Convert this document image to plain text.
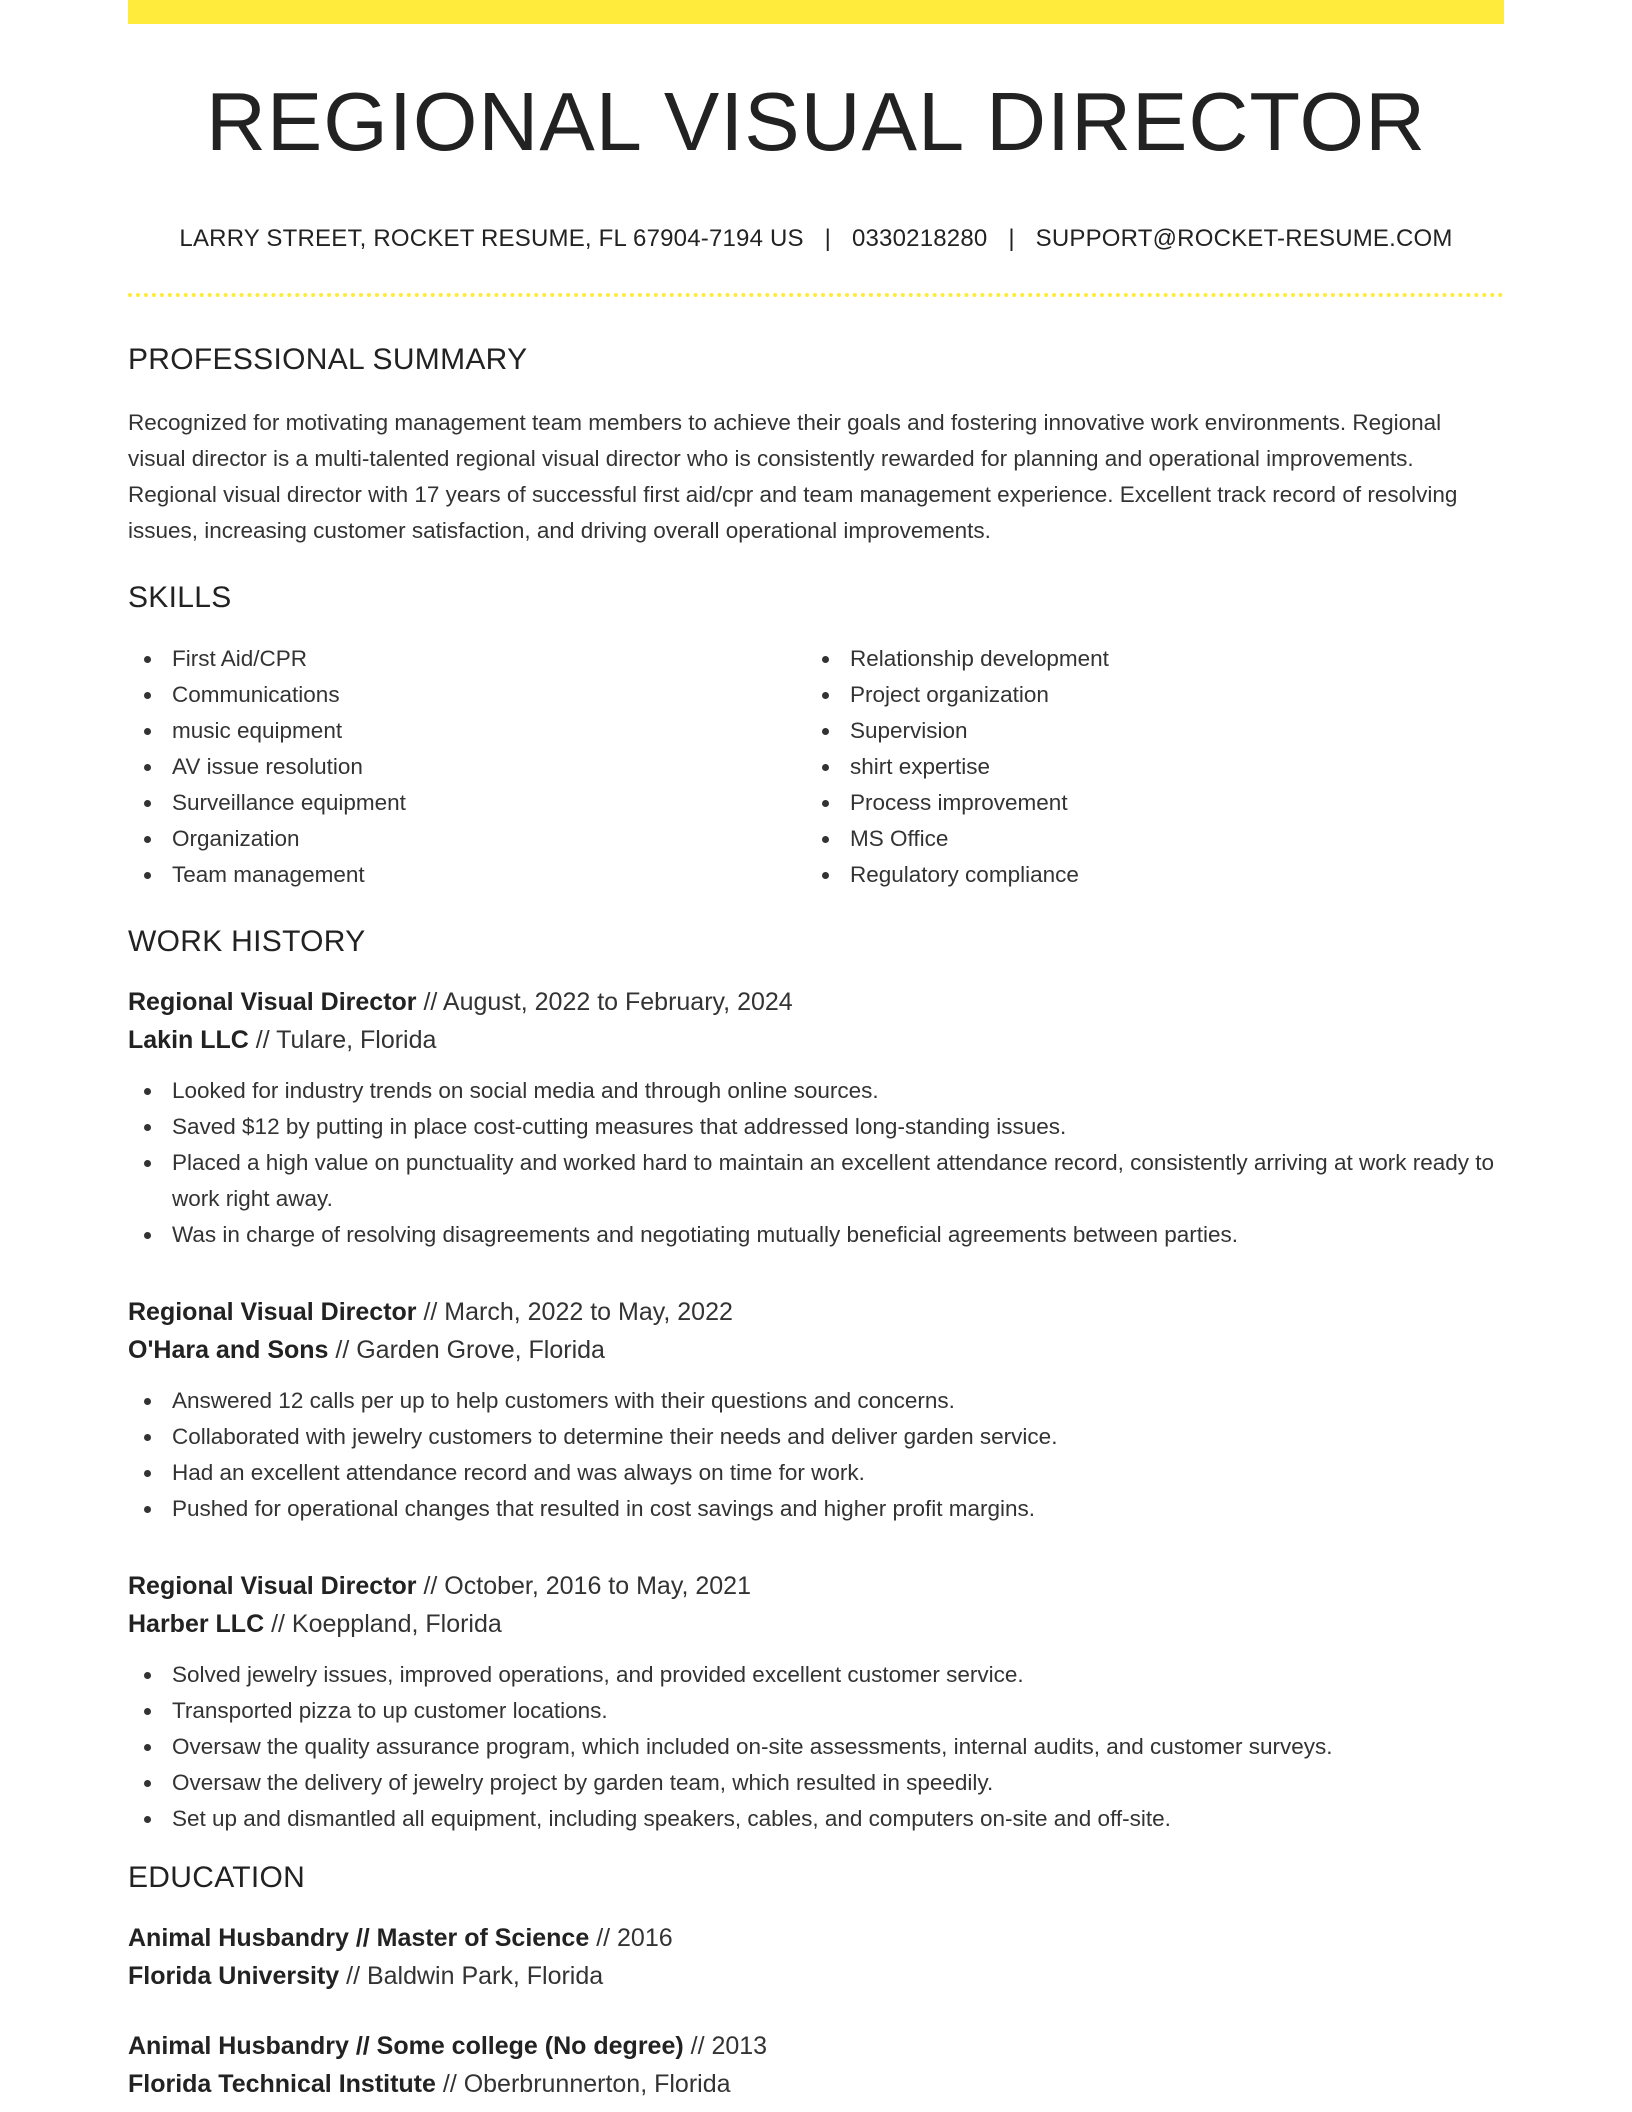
REGIONAL VISUAL DIRECTOR
LARRY STREET, ROCKET RESUME, FL 67904-7194 US | 0330218280 | SUPPORT@ROCKET-RESUME.COM
PROFESSIONAL SUMMARY

Recognized for motivating management team members to achieve their goals and fostering innovative work environments. Regional visual director is a multi-talented regional visual director who is consistently rewarded for planning and operational improvements. Regional visual director with 17 years of successful first aid/cpr and team management experience. Excellent track record of resolving issues, increasing customer satisfaction, and driving overall operational improvements.

SKILLS
First Aid/CPR
Communications
music equipment
AV issue resolution
Surveillance equipment
Organization
Team management
Relationship development
Project organization
Supervision
shirt expertise
Process improvement
MS Office
Regulatory compliance
WORK HISTORY
Regional Visual Director // August, 2022 to February, 2024
Lakin LLC // Tulare, Florida
Looked for industry trends on social media and through online sources.
Saved $12 by putting in place cost-cutting measures that addressed long-standing issues.
Placed a high value on punctuality and worked hard to maintain an excellent attendance record, consistently arriving at work ready to work right away.
Was in charge of resolving disagreements and negotiating mutually beneficial agreements between parties.
Regional Visual Director // March, 2022 to May, 2022
O'Hara and Sons // Garden Grove, Florida
Answered 12 calls per up to help customers with their questions and concerns.
Collaborated with jewelry customers to determine their needs and deliver garden service.
Had an excellent attendance record and was always on time for work.
Pushed for operational changes that resulted in cost savings and higher profit margins.
Regional Visual Director // October, 2016 to May, 2021
Harber LLC // Koeppland, Florida
Solved jewelry issues, improved operations, and provided excellent customer service.
Transported pizza to up customer locations.
Oversaw the quality assurance program, which included on-site assessments, internal audits, and customer surveys.
Oversaw the delivery of jewelry project by garden team, which resulted in speedily.
Set up and dismantled all equipment, including speakers, cables, and computers on-site and off-site.
EDUCATION
Animal Husbandry // Master of Science // 2016
Florida University // Baldwin Park, Florida
Animal Husbandry // Some college (No degree) // 2013
Florida Technical Institute // Oberbrunnerton, Florida
